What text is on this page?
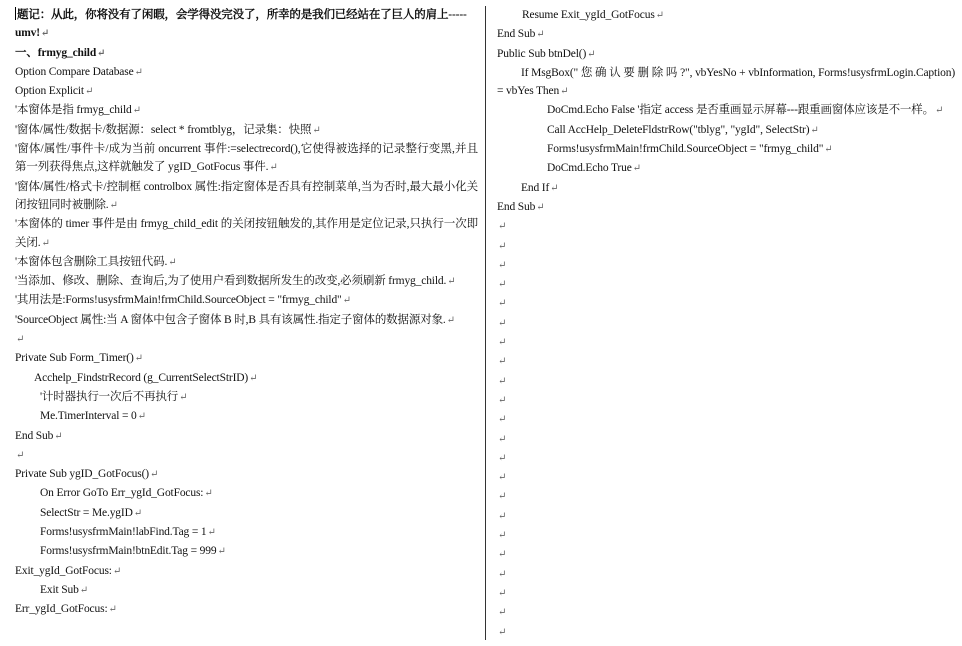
题记：从此，你将没有了闲暇，会学得没完没了，所幸的是我们已经站在了巨人的肩上-----umv!↵
一、frmyg_child↵
Option Compare Database↵
Option Explicit↵
'本窗体是指 frmyg_child↵
'窗体/属性/数据卡/数据源：select * fromtblyg，记录集：快照↵
'窗体/属性/事件卡/成为当前 oncurrent 事件:=selectrecord(),它使得被选择的记录整行变黑,并且第一列获得焦点,这样就触发了 ygID_GotFocus 事件.↵
'窗体/属性/格式卡/控制框 controlbox 属性:指定窗体是否具有控制菜单,当为否时,最大最小化关闭按钮同时被删除.↵
'本窗体的 timer 事件是由 frmyg_child_edit 的关闭按钮触发的,其作用是定位记录,只执行一次即关闭.↵
'本窗体包含删除工具按钮代码.↵
'当添加、修改、删除、查询后,为了使用户看到数据所发生的改变,必须刷新 frmyg_child.↵
'其用法是:Forms!usysfrmMain!frmChild.SourceObject = "frmyg_child"↵
'SourceObject 属性:当 A 窗体中包含子窗体 B 时,B 具有该属性.指定子窗体的数据源对象.↵
↵
Private Sub Form_Timer()↵
Acchelp_FindstrRecord (g_CurrentSelectStrID)↵
'计时器执行一次后不再执行↵
Me.TimerInterval = 0↵
End Sub↵
↵
Private Sub ygID_GotFocus()↵
On Error GoTo Err_ygId_GotFocus:↵
SelectStr = Me.ygID↵
Forms!usysfrmMain!labFind.Tag = 1↵
Forms!usysfrmMain!btnEdit.Tag = 999↵
Exit_ygId_GotFocus:↵
Exit Sub↵
Err_ygId_GotFocus:↵
Resume Exit_ygId_GotFocus↵
End Sub↵
Public Sub btnDel()↵
If MsgBox(" 您 确 认 要 删 除 吗 ?", vbYesNo + vbInformation, Forms!usysfrmLogin.Caption) = vbYes Then↵
DoCmd.Echo False '指定 access 是否重画显示屏幕---跟重画窗体应该是不一样。↵
Call AccHelp_DeleteFldstrRow("tblyg", "ygId", SelectStr)↵
Forms!usysfrmMain!frmChild.SourceObject = "frmyg_child"↵
DoCmd.Echo True↵
End If↵
End Sub↵
↵
↵
↵
↵
↵
↵
↵
↵
↵
↵
↵
↵
↵
↵
↵
↵
↵
↵
↵
↵
↵
↵
